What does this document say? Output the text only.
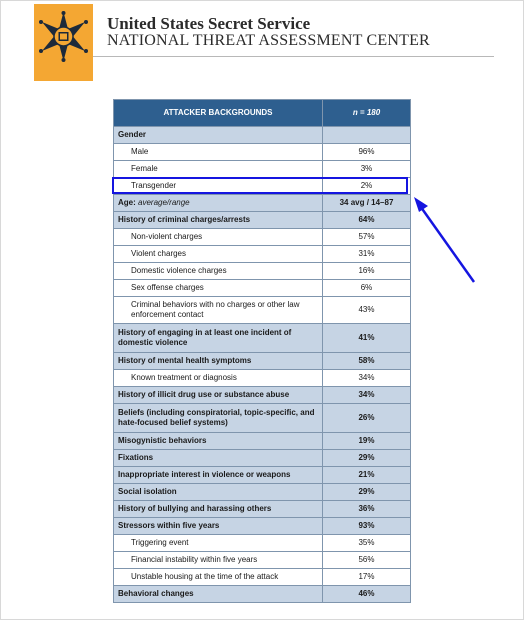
United States Secret Service
NATIONAL THREAT ASSESSMENT CENTER
ATTACKER BACKGROUNDS	n = 180
Gender	
Male	96%
Female	3%
Transgender	2%
Age: average/range	34 avg / 14–87
History of criminal charges/arrests	64%
Non-violent charges	57%
Violent charges	31%
Domestic violence charges	16%
Sex offense charges	6%
Criminal behaviors with no charges or other law enforcement contact	43%
History of engaging in at least one incident of domestic violence	41%
History of mental health symptoms	58%
Known treatment or diagnosis	34%
History of illicit drug use or substance abuse	34%
Beliefs (including conspiratorial, topic-specific, and hate-focused belief systems)	26%
Misogynistic behaviors	19%
Fixations	29%
Inappropriate interest in violence or weapons	21%
Social isolation	29%
History of bullying and harassing others	36%
Stressors within five years	93%
Triggering event	35%
Financial instability within five years	56%
Unstable housing at the time of the attack	17%
Behavioral changes	46%
